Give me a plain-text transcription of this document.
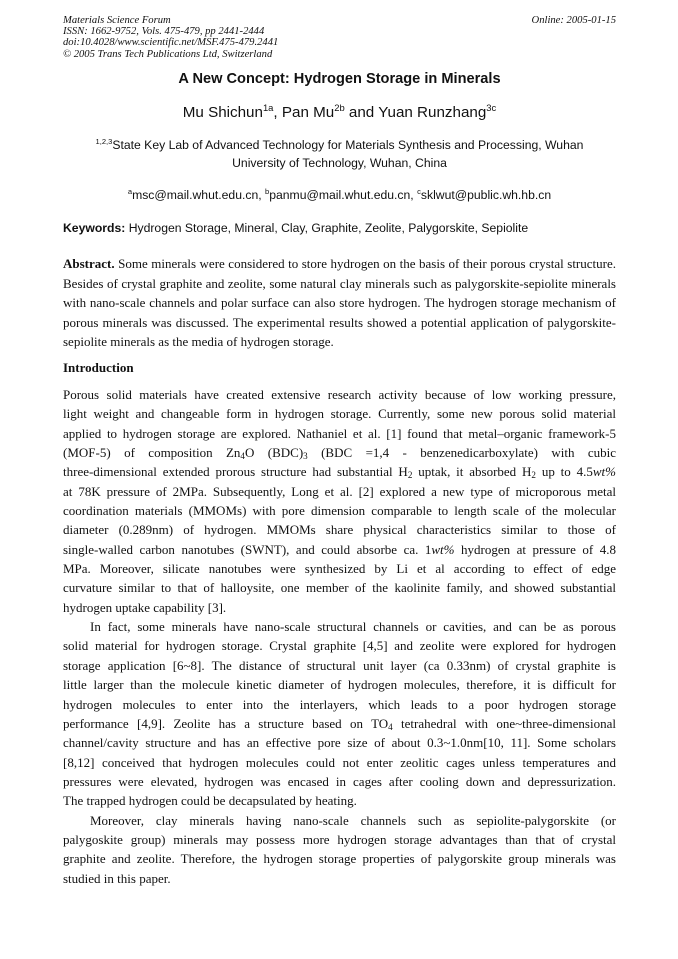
Materials Science Forum
ISSN: 1662-9752, Vols. 475-479, pp 2441-2444
doi:10.4028/www.scientific.net/MSF.475-479.2441
© 2005 Trans Tech Publications Ltd, Switzerland
Online: 2005-01-15
A New Concept: Hydrogen Storage in Minerals
Mu Shichun$^{1a}$, Pan $Mu^{2b}$ and Yuan Runzhang$^{3c}$
$^{1,2,3}$State Key Lab of Advanced Technology for Materials Synthesis and Processing, Wuhan
University of Technology, Wuhan, China
$^a$msc@mail.whut.edu.cn, $^b$panmu@mail.whut.edu.cn, $^c$sklwut@public.wh.hb.cn
Keywords: Hydrogen Storage, Mineral, Clay, Graphite, Zeolite, Palygorskite, Sepiolite
Abstract. Some minerals were considered to store hydrogen on the basis of their porous crystal structure. Besides of crystal graphite and zeolite, some natural clay minerals such as palygorskite-sepiolite minerals with nano-scale channels and polar surface can also store hydrogen. The hydrogen storage mechanism of porous minerals was discussed. The experimental results showed a potential application of palygorskite-sepiolite minerals as the media of hydrogen storage.
Introduction
Porous solid materials have created extensive research activity because of low working pressure,
light weight and changeable form in hydrogen storage. Currently, some new porous solid material
applied to hydrogen storage are explored. Nathaniel et al. [1] found that metal–organic framework-5
(MOF-5) of composition $Zn_4O$ $(BDC)_3$ (BDC =1,4 - benzenedicarboxylate) with cubic
three-dimensional extended prorous structure had substantial $H_2$ uptak, it absorbed $H_2$ up to 4.5wt%
at 78K pressure of 2MPa. Subsequently, Long et al. [2] explored a new type of microporous metal
coordination materials (MMOMs) with pore dimension comparable to length scale of the molecular
diameter (0.289nm) of hydrogen. MMOMs share physical characteristics similar to those of
single-walled carbon nanotubes (SWNT), and could absorbe ca. 1wt% hydrogen at pressure of 4.8
MPa. Moreover, silicate nanotubes were synthesized by Li et al according to effect of edge
curvature similar to that of halloysite, one member of the kaolinite family, and showed substantial
hydrogen uptake capability [3].
In fact, some minerals have nano-scale structural channels or cavities, and can be as porous
solid material for hydrogen storage. Crystal graphite [4,5] and zeolite were explored for hydrogen
storage application [6~8]. The distance of structural unit layer (ca 0.33nm) of crystal graphite is
little larger than the molecule kinetic diameter of hydrogen molecules, therefore, it is difficult for
hydrogen molecules to enter into the interlayers, which leads to a poor hydrogen storage
performance [4,9]. Zeolite has a structure based on $TO_4$ tetrahedral with one~three-dimensional
channel/cavity structure and has an effective pore size of about 0.3~1.0nm[10, 11]. Some scholars
[8,12] conceived that hydrogen molecules could not enter zeolitic cages unless temperatures and
pressures were elevated, hydrogen was encased in cages after cooling down and depressurization.
The trapped hydrogen could be decapsulated by heating.
Moreover, clay minerals having nano-scale channels such as sepiolite-palygorskite (or
palygoskite group) minerals may possess more hydrogen storage advantages than that of crystal
graphite and zeolite. Therefore, the hydrogen storage properties of palygorskite group minerals was
studied in this paper.
